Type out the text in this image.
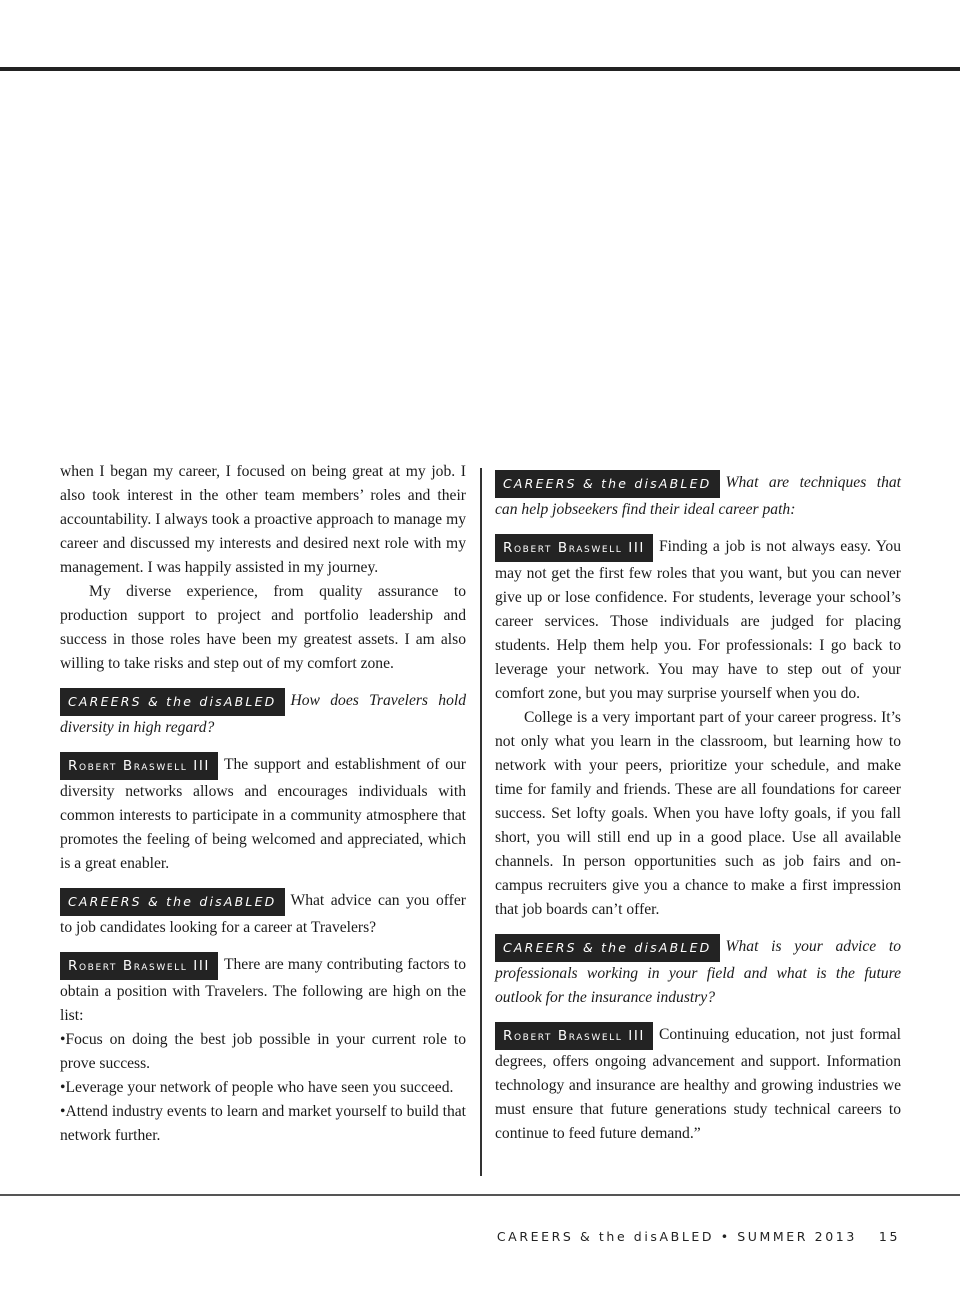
when I began my career, I focused on being great at my job. I also took interest in the other team members’ roles and their accountability. I always took a proactive approach to manage my career and discussed my interests and desired next role with my management. I was happily assisted in my journey.

My diverse experience, from quality assurance to production support to project and portfolio leadership and success in those roles have been my greatest assets. I am also willing to take risks and step out of my comfort zone.

CAREERS & the disABLED How does Travelers hold diversity in high regard?

Robert Braswell III The support and establishment of our diversity networks allows and encourages individuals with common interests to participate in a community atmosphere that promotes the feeling of being welcomed and appreciated, which is a great enabler.

CAREERS & the disABLED What advice can you offer to job candidates looking for a career at Travelers?

Robert Braswell III There are many contributing factors to obtain a position with Travelers. The following are high on the list:

•Focus on doing the best job possible in your current role to prove success.

•Leverage your network of people who have seen you succeed.

•Attend industry events to learn and market yourself to build that network further.

CAREERS & the disABLED What are techniques that can help jobseekers find their ideal career path:

Robert Braswell III Finding a job is not always easy. You may not get the first few roles that you want, but you can never give up or lose confidence. For students, leverage your school’s career services. Those individuals are judged for placing students. Help them help you. For professionals: I go back to leverage your network. You may have to step out of your comfort zone, but you may surprise yourself when you do.

College is a very important part of your career progress. It’s not only what you learn in the classroom, but learning how to network with your peers, prioritize your schedule, and make time for family and friends. These are all foundations for career success. Set lofty goals. When you have lofty goals, if you fall short, you will still end up in a good place. Use all available channels. In person opportunities such as job fairs and on-campus recruiters give you a chance to make a first impression that job boards can’t offer.

CAREERS & the disABLED What is your advice to professionals working in your field and what is the future outlook for the insurance industry?

Robert Braswell III Continuing education, not just formal degrees, offers ongoing advancement and support. Information technology and insurance are healthy and growing industries we must ensure that future generations study technical careers to continue to feed future demand.”

CAREERS & the disABLED • SUMMER 2013 15
